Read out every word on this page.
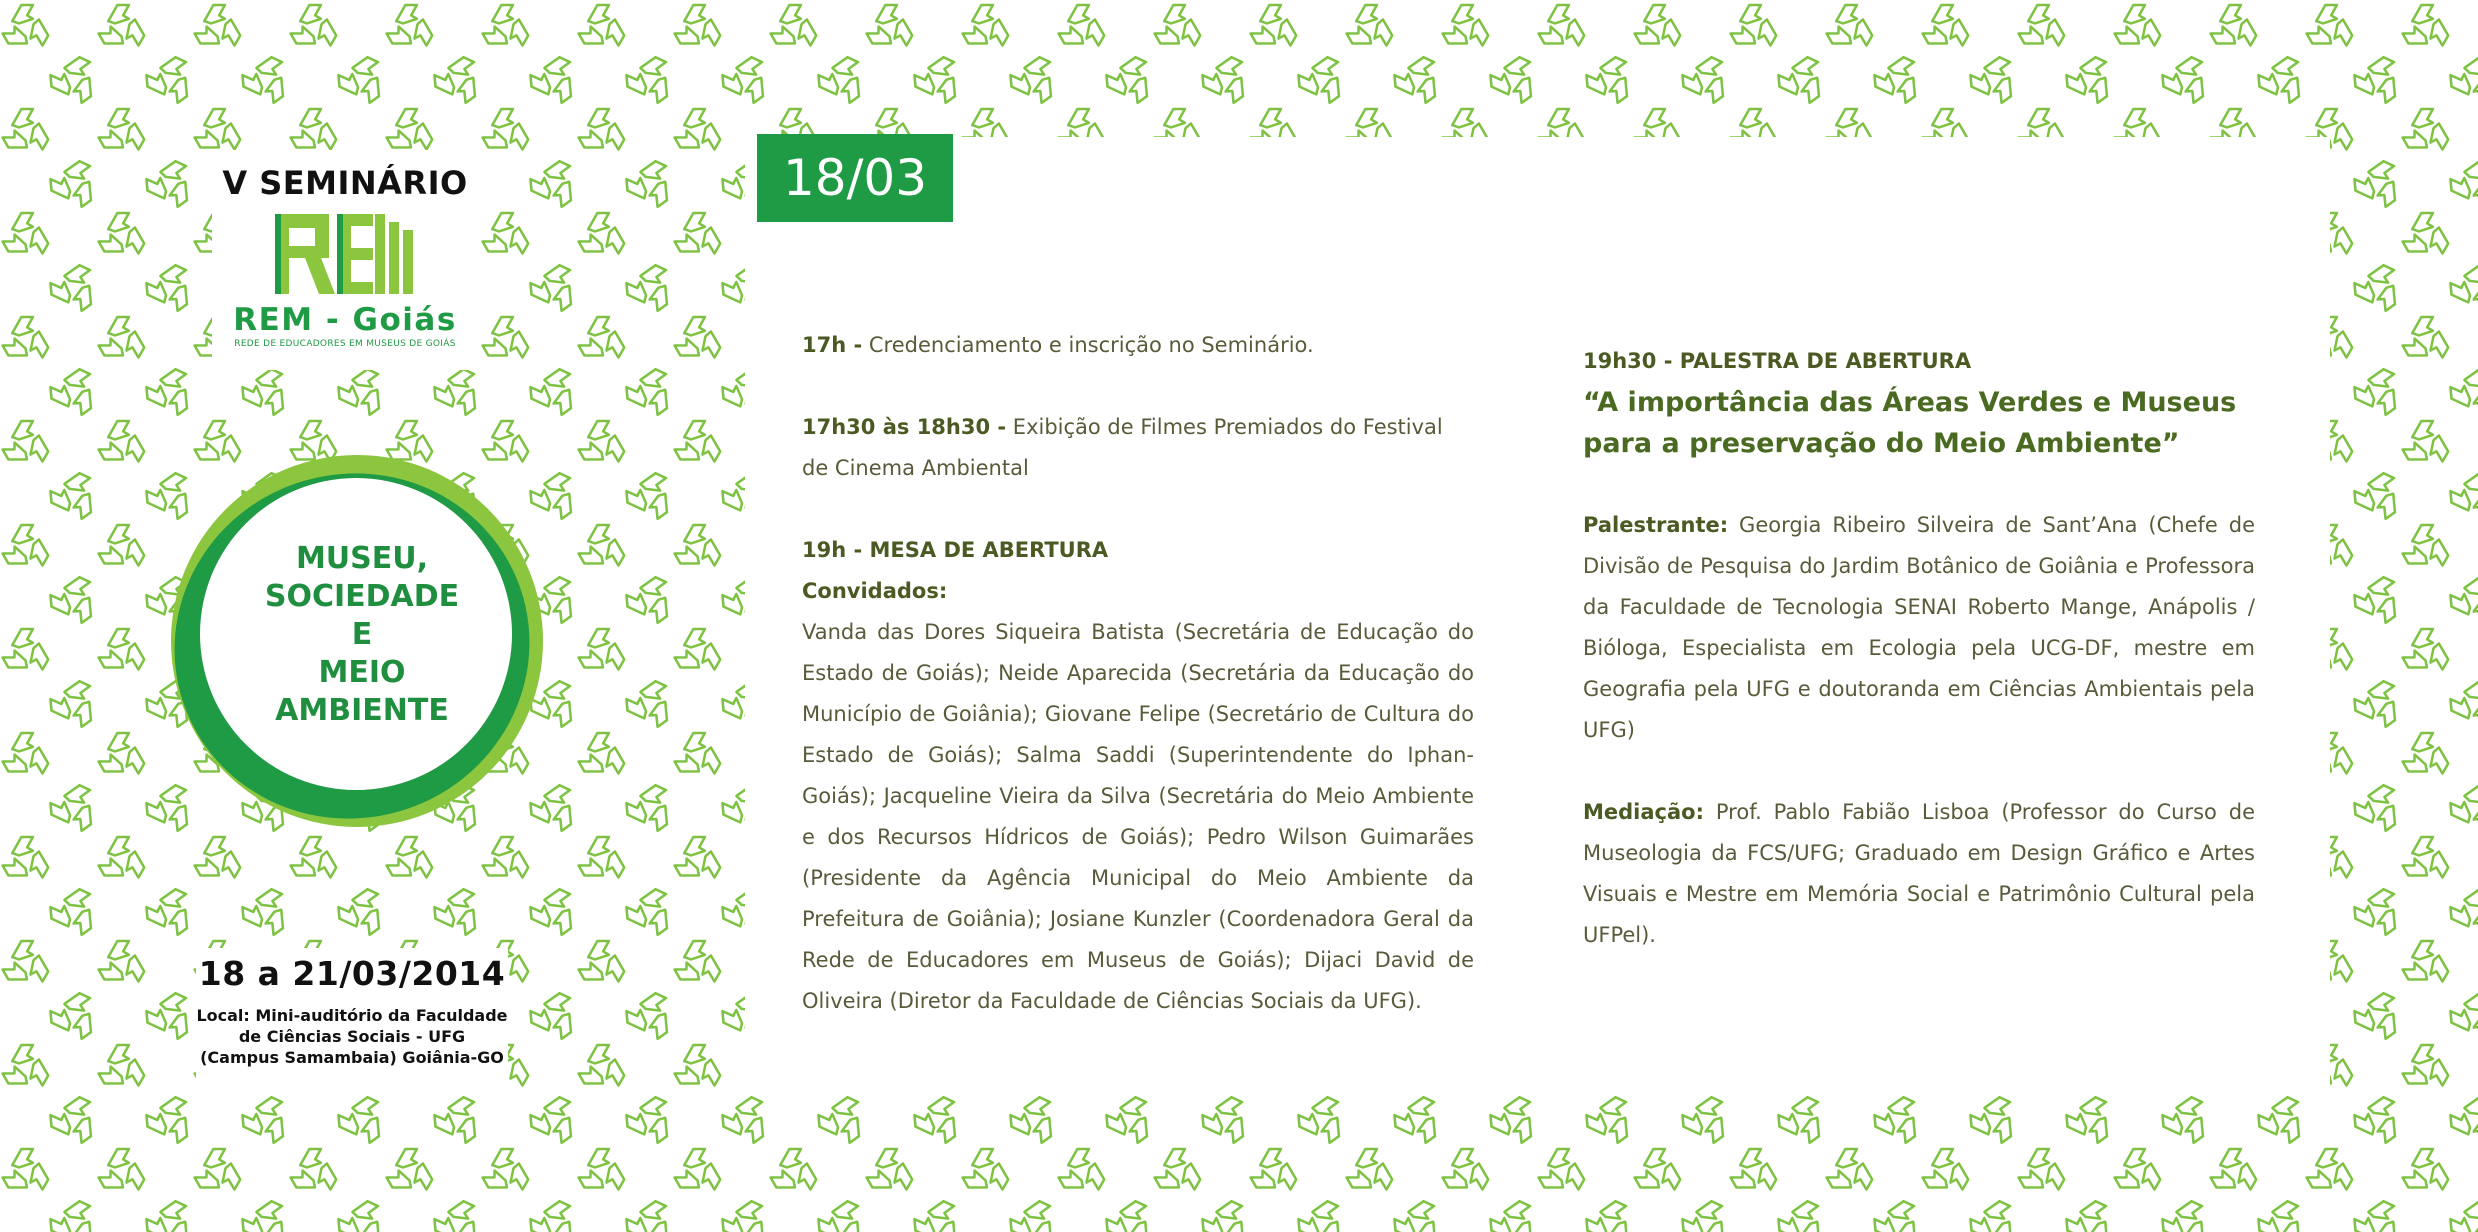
18/03
V SEMINÁRIO
REM - Goiás
REDE DE EDUCADORES EM MUSEUS DE GOIÁS
MUSEU,
SOCIEDADE
E
MEIO
AMBIENTE
18 a 21/03/2014
Local: Mini-auditório da Faculdade
de Ciências Sociais - UFG
(Campus Samambaia) Goiânia-GO

17h - Credenciamento e inscrição no Seminário.

17h30 às 18h30 - Exibição de Filmes Premiados do Festival de Cinema Ambiental

19h - MESA DE ABERTURA

Convidados:

Vanda das Dores Siqueira Batista (Secretária de Educação do Estado de Goiás); Neide Aparecida (Secretária da Educação do Município de Goiânia); Giovane Felipe (Secretário de Cultura do Estado de Goiás); Salma Saddi (Superintendente do Iphan-Goiás); Jacqueline Vieira da Silva (Secretária do Meio Ambiente e dos Recursos Hídricos de Goiás); Pedro Wilson Guimarães (Presidente da Agência Municipal do Meio Ambiente da Prefeitura de Goiânia); Josiane Kunzler (Coordenadora Geral da Rede de Educadores em Museus de Goiás); Dijaci David de Oliveira (Diretor da Faculdade de Ciências Sociais da UFG).

19h30 - PALESTRA DE ABERTURA

“A importância das Áreas Verdes e Museus para a preservação do Meio Ambiente”

Palestrante: Georgia Ribeiro Silveira de Sant’Ana (Chefe de Divisão de Pesquisa do Jardim Botânico de Goiânia e Professora da Faculdade de Tecnologia SENAI Roberto Mange, Anápolis / Bióloga, Especialista em Ecologia pela UCG-DF, mestre em Geografia pela UFG e doutoranda em Ciências Ambientais pela UFG)

Mediação: Prof. Pablo Fabião Lisboa (Professor do Curso de Museologia da FCS/UFG; Graduado em Design Gráfico e Artes Visuais e Mestre em Memória Social e Patrimônio Cultural pela UFPel).
